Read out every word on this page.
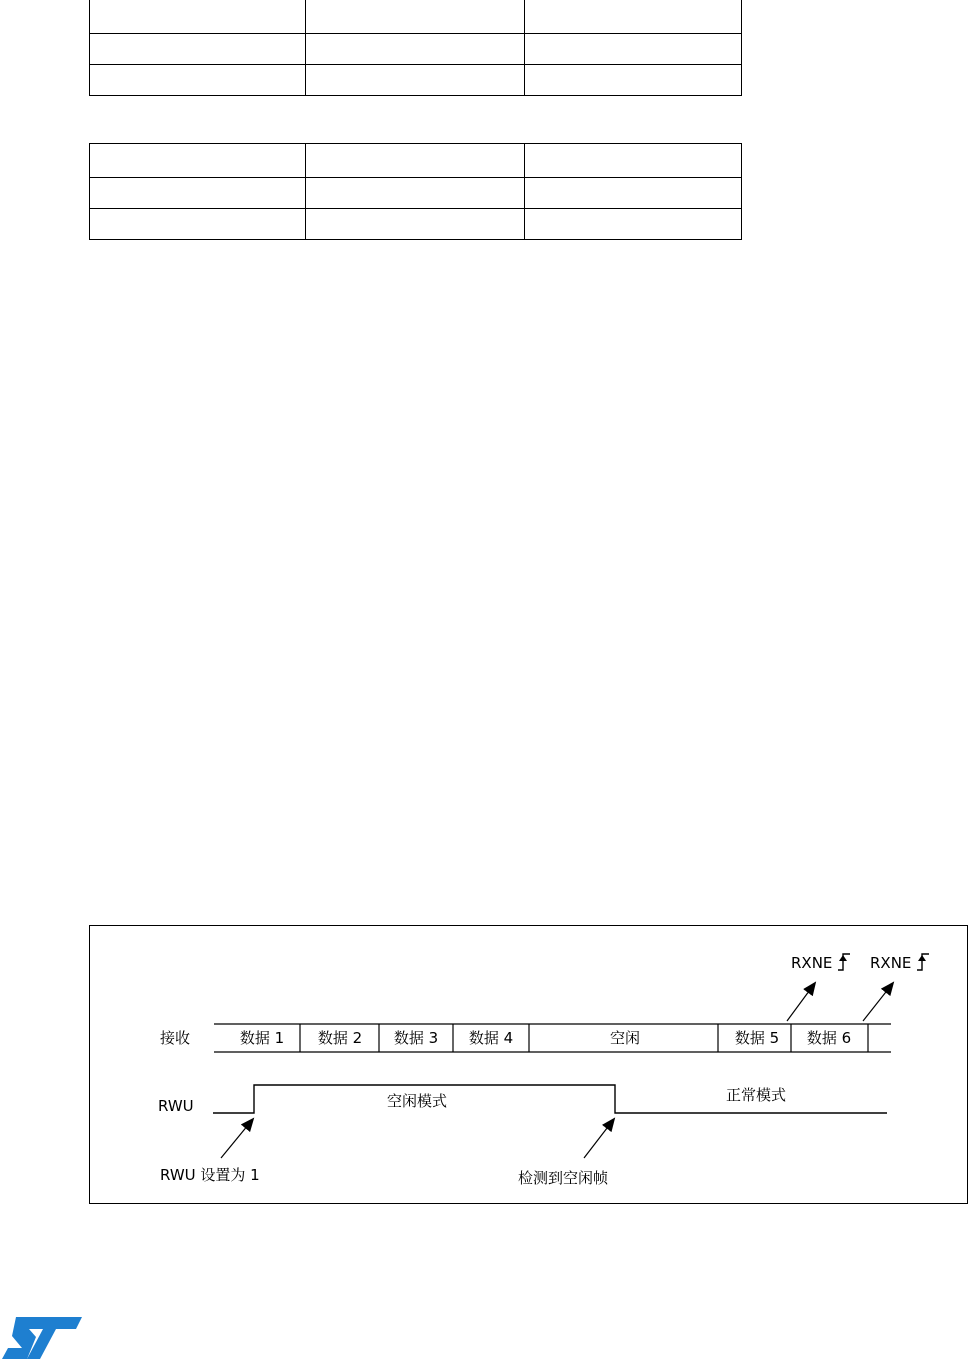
接收	数据 1 数据 2 数据 3 数据 4	空闲	数据 5 数据 6
RXNE	RXNE
RWU	空闲模式	正常模式
RWU 设置为 1	检测到空闲帧
